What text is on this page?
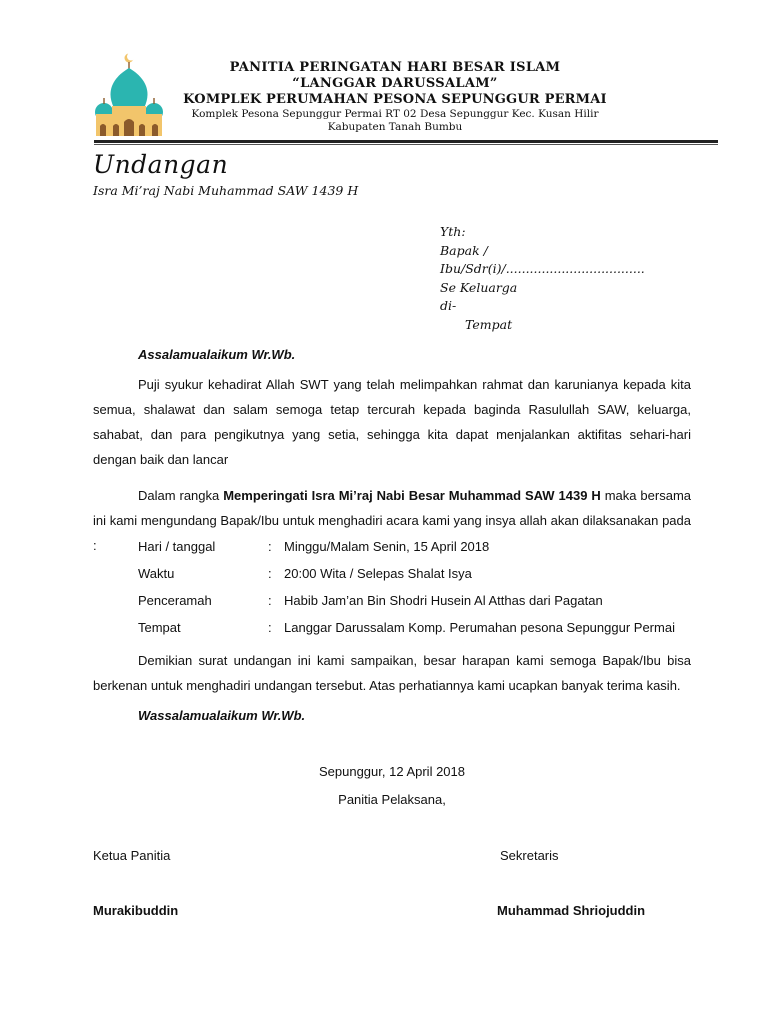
PANITIA PERINGATAN HARI BESAR ISLAM
“LANGGAR DARUSSALAM”
KOMPLEK PERUMAHAN PESONA SEPUNGGUR PERMAI
Komplek Pesona Sepunggur Permai RT 02 Desa Sepunggur Kec. Kusan Hilir
Kabupaten Tanah Bumbu
Undangan
Isra Mi’raj Nabi Muhammad SAW 1439 H
Yth:
Bapak /
Ibu/Sdr(i)/...................................
Se Keluarga
di-
Tempat
Assalamualaikum Wr.Wb.
Puji syukur kehadirat Allah SWT yang telah melimpahkan rahmat dan karunianya kepada kita semua, shalawat dan salam semoga tetap tercurah kepada baginda Rasulullah SAW, keluarga, sahabat, dan para pengikutnya yang setia, sehingga kita dapat menjalankan aktifitas sehari-hari dengan baik dan lancar
Dalam rangka Memperingati Isra Mi’raj Nabi Besar Muhammad SAW 1439 H maka bersama ini kami mengundang Bapak/Ibu untuk menghadiri acara kami yang insya allah akan dilaksanakan pada :	Hari / tanggal	: Minggu/Malam Senin, 15 April 2018
Waktu	: 20:00 Wita / Selepas Shalat Isya
Penceramah	: Habib Jam’an Bin Shodri Husein Al Atthas dari Pagatan
Tempat	: Langgar Darussalam Komp. Perumahan pesona Sepunggur Permai
Demikian surat undangan ini kami sampaikan, besar harapan kami semoga Bapak/Ibu bisa berkenan untuk menghadiri undangan tersebut. Atas perhatiannya kami ucapkan banyak terima kasih.
Wassalamualaikum Wr.Wb.
Sepunggur, 12 April 2018
Panitia Pelaksana,
Ketua Panitia	Sekretaris
Murakibuddin	Muhammad Shriojuddin
